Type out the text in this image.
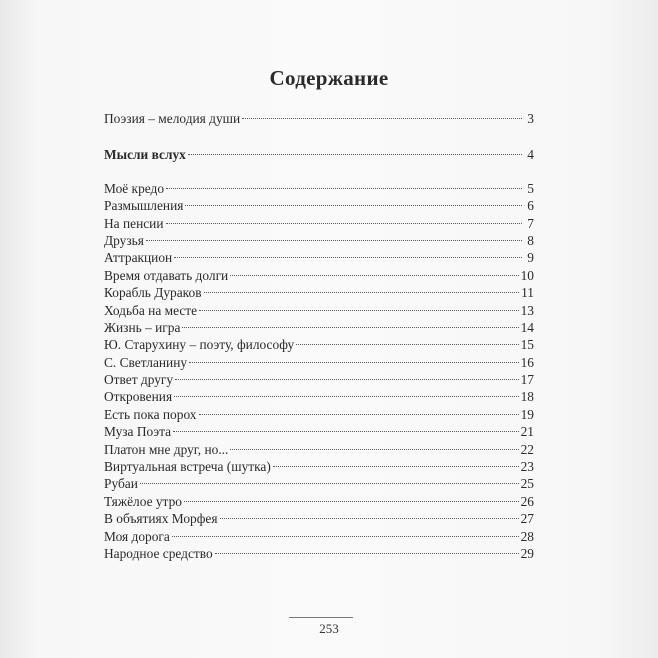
Содержание
Поэзия – мелодия души	3
Мысли вслух	4
Моё кредо	5
Размышления	6
На пенсии	7
Друзья	8
Аттракцион	9
Время отдавать долги	10
Корабль Дураков	11
Ходьба на месте	13
Жизнь – игра	14
Ю. Старухину – поэту, философу	15
С. Светланину	16
Ответ другу	17
Откровения	18
Есть пока порох	19
Муза Поэта	21
Платон мне друг, но...	22
Виртуальная встреча (шутка)	23
Рубаи	25
Тяжёлое утро	26
В объятиях Морфея	27
Моя дорога	28
Народное средство	29
253
